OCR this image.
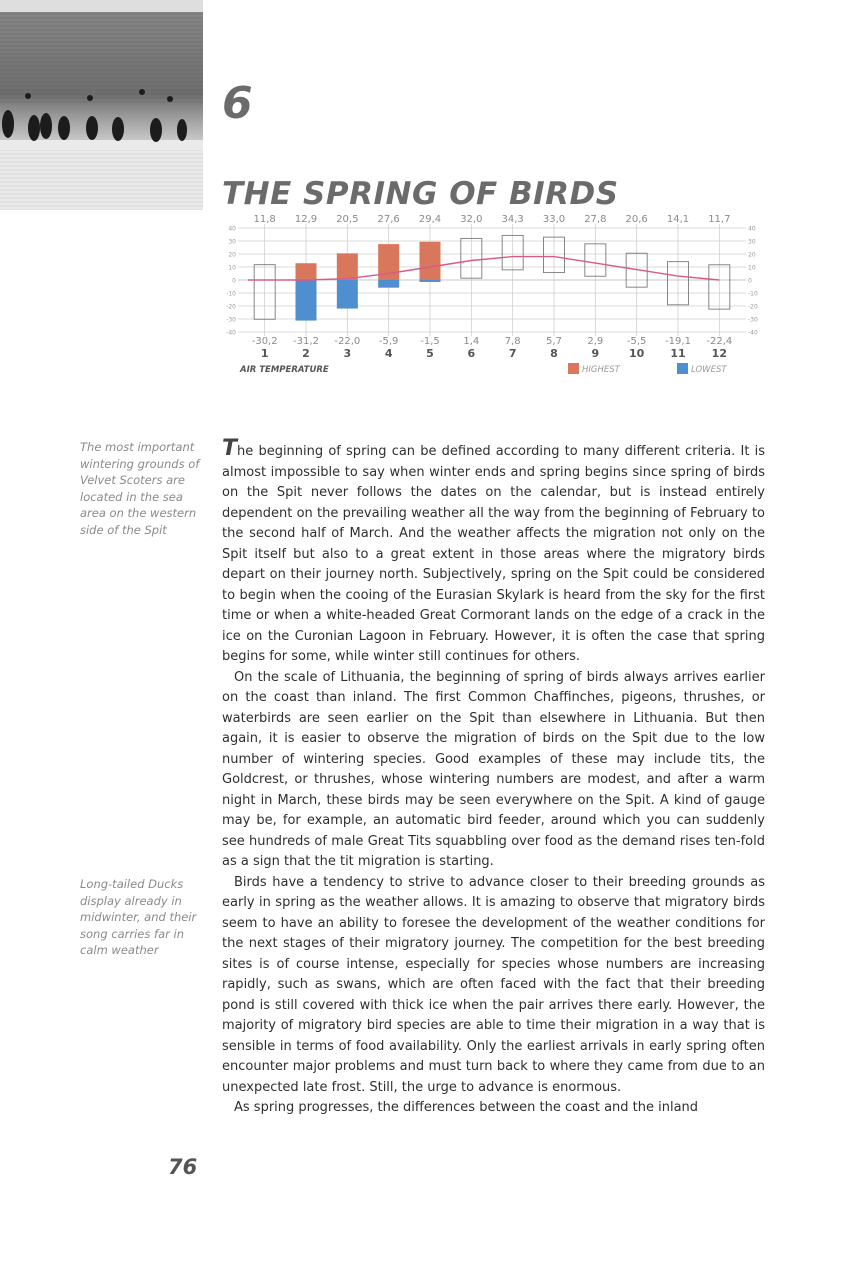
6
THE SPRING OF BIRDS
-40	-40
-30	-30
-20	-20
-10	-10
0	0
10	10
20	20
30	30
40	40
11,8
-30,2
1
12,9
-31,2
2
20,5
-22,0
3
27,6
-5,9
4
29,4
-1,5
5
32,0
1,4
6
34,3
7,8
7
33,0
5,7
8
27,8
2,9
9
20,6
-5,5
10
14,1
-19,1
11
11,7
-22,4
12
AIR TEMPERATURE	HIGHEST	LOWEST
The most important wintering grounds of Velvet Scoters are located in the sea area on the western side of the Spit
Long-tailed Ducks display already in midwinter, and their song carries far in calm weather

The beginning of spring can be defined according to many different criteria. It is almost impossible to say when winter ends and spring begins since spring of birds on the Spit never follows the dates on the calendar, but is instead entirely dependent on the prevailing weather all the way from the beginning of February to the second half of March. And the weather affects the migration not only on the Spit itself but also to a great extent in those areas where the migratory birds depart on their journey north. Subjectively, spring on the Spit could be considered to begin when the cooing of the Eurasian Skylark is heard from the sky for the first time or when a white-headed Great Cormorant lands on the edge of a crack in the ice on the Curonian Lagoon in February. However, it is often the case that spring begins for some, while winter still continues for others.

On the scale of Lithuania, the beginning of spring of birds always arrives earlier on the coast than inland. The first Common Chaffinches, pigeons, thrushes, or waterbirds are seen earlier on the Spit than elsewhere in Lithuania. But then again, it is easier to observe the migration of birds on the Spit due to the low number of wintering species. Good examples of these may include tits, the Goldcrest, or thrushes, whose wintering numbers are modest, and after a warm night in March, these birds may be seen everywhere on the Spit. A kind of gauge may be, for example, an automatic bird feeder, around which you can suddenly see hundreds of male Great Tits squabbling over food as the demand rises ten-fold as a sign that the tit migration is starting.

Birds have a tendency to strive to advance closer to their breeding grounds as early in spring as the weather allows. It is amazing to observe that migratory birds seem to have an ability to foresee the development of the weather conditions for the next stages of their migratory journey. The competition for the best breeding sites is of course intense, especially for species whose numbers are increasing rapidly, such as swans, which are often faced with the fact that their breeding pond is still covered with thick ice when the pair arrives there early. However, the majority of migratory bird species are able to time their migration in a way that is sensible in terms of food availability. Only the earliest arrivals in early spring often encounter major problems and must turn back to where they came from due to an unexpected late frost. Still, the urge to advance is enormous.

As spring progresses, the differences between the coast and the inland

76
